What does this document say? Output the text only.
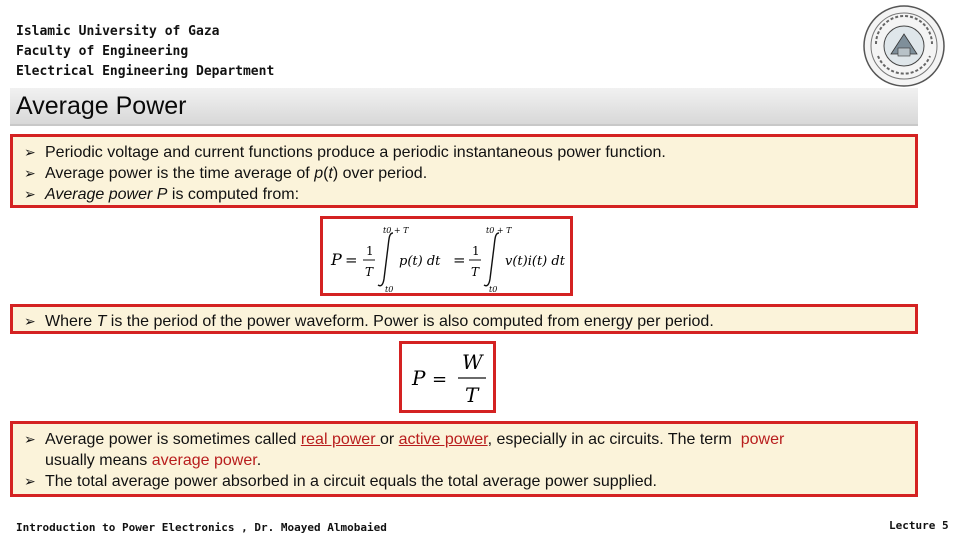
Islamic University of Gaza
Faculty of Engineering
Electrical Engineering Department
Average Power
➢ Periodic voltage and current functions produce a periodic instantaneous power function.
➢ Average power is the time average of p(t) over period.
➢ Average power P is computed from:
P = 1
T
t0 + T
t0
p(t) dt = 1
T
t0 + T
t0
v(t)i(t) dt
➢ Where T is the period of the power waveform. Power is also computed from energy per period.
P =
W
T
➢ Average power is sometimes called real power or active power, especially in ac circuits. The term  power
usually means average power.
➢ The total average power absorbed in a circuit equals the total average power supplied.
Introduction to Power Electronics , Dr. Moayed Almobaied	Lecture 5
